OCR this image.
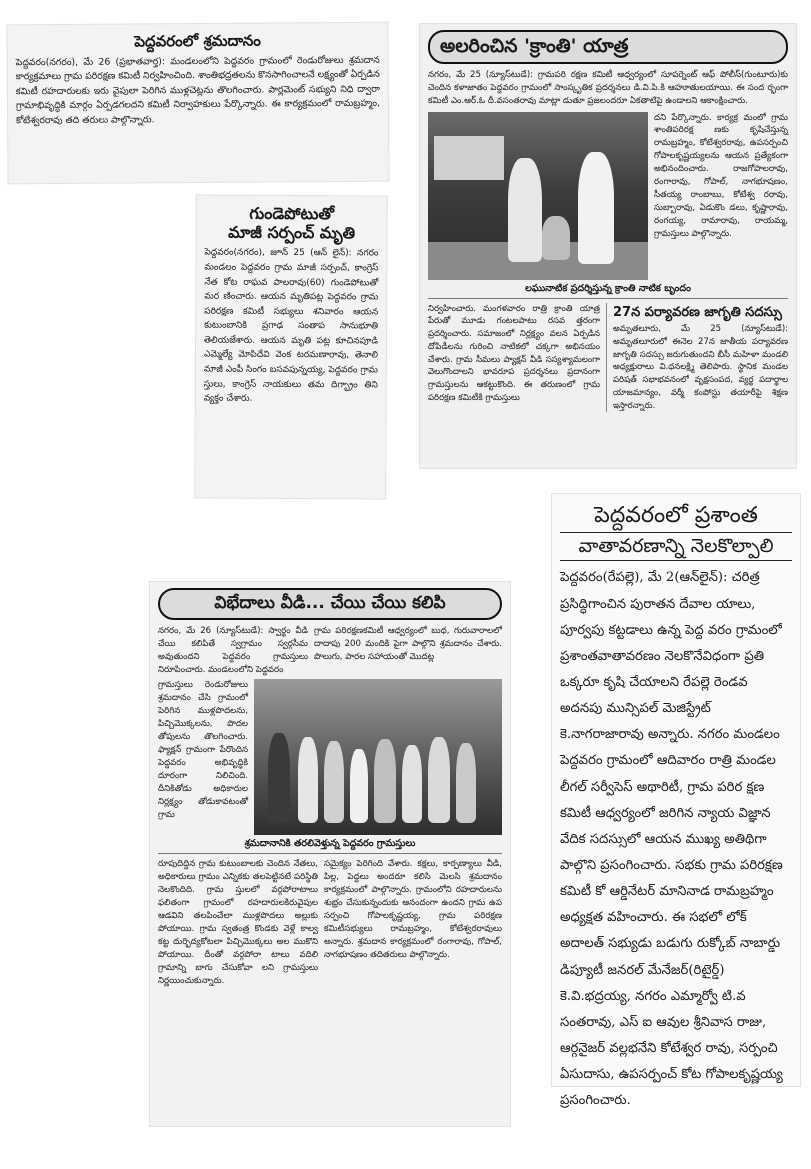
పెద్దవరంలో శ్రమదానం

పెద్దవరం(నగరం), మే 26 (ప్రభాతవార్త): మండలంలోని పెద్దవరం గ్రామంలో రెండురోజులు శ్రమదాన కార్యక్రమాలు గ్రామ పరిరక్షణ కమిటీ నిర్వహించింది. శాంతిభద్రతలను కొనసాగించాలనే లక్ష్యంతో ఏర్పడిన కమిటీ రహదారులకు ఇరు వైపులా పెరిగిన ముళ్లచెట్లను తొలగించారు. పార్లమెంట్ సభ్యుని నిధి ద్వారా గ్రామాభివృద్ధికి మార్గం ఏర్పడగలదని కమిటీ నిర్వాహకులు పేర్కొన్నారు. ఈ కార్యక్రమంలో రామబ్రహ్మం, కోటేశ్వరరావు తది తరులు పాల్గొన్నారు.

గుండెపోటుతో
మాజీ సర్పంచ్ మృతి

పెద్దవరం(నగరం), జూన్ 25 (ఆన్ లైన్): నగరం మండలం పెద్దవరం గ్రామ మాజీ సర్పంచ్, కాంగ్రెస్ నేత కోట రాఘవ పాలరావు(60) గుండెపోటుతో మర ణించారు. ఆయన మృతిపట్ల పెద్దవరం గ్రామ పరిరక్షణ కమిటీ సభ్యులు శనివారం ఆయన కుటుంబానికి ప్రగాఢ సంతాప సానుభూతి తెలియజేశారు. ఆయన మృతి పట్ల కూచినపూడి ఎమ్మెల్యే మోపిదేవి వెంక టరమణారావు, తెనాలి మాజీ ఎంపీ సింగం బసవపున్నయ్య, పెద్దవరం గ్రామ స్తులు, కాంగ్రెస్ నాయకులు తమ దిగ్భ్రాం తిని వ్యక్తం చేశారు.

అలరించిన 'క్రాంతి' యాత్ర

నగరం, మే 25 (న్యూస్‌టుడే): గ్రామపరి రక్షణ కమిటీ ఆధ్వర్యంలో సూపర్నెంట్ ఆఫ్ పోలీస్(గుంటూరు)కు చెందిన కళాజాతం పెద్దవరం గ్రామంలో సాంస్కృతిక ప్రదర్శనలు డి.వి.పి.కి ఆహూతులయాయి. ఈ సంద ర్భంగా కమిటీ ఎం.ఆర్.ఓ దీ.వసంతరావు మాట్లా డుతూ ప్రజలందరూ ఏకతాటిపై ఉండాలని ఆకాంక్షించారు.

దని పేర్కొన్నారు. కార్యక్ర మంలో గ్రామ శాంతిపరిరక్ష ణకు కృషిచేస్తున్న రామబ్రహ్మం, కోటేశ్వరరావు, ఉపసర్పంచి గోపాలకృష్ణయ్యలను ఆయన ప్రత్యేకంగా అభినందించారు. రాజగోపాలరావు, రంగారావు, గోపాల్, నాగభూషణం, సీతయ్య రాంబాబు, కోటేశ్వ రరావు, సుబ్బారావు, ఏడుకొం డలు, కృష్ణారావు, రంగయ్య, రామారావు, రాయమ్మ, గ్రామస్తులు పాల్గొన్నారు.

లఘునాటిక ప్రదర్శిస్తున్న క్రాంతి నాటిక బృందం

నిర్వహించారు. మంగళవారం రాత్రి క్రాంతి యాత్ర పేరుతో మూడు గంటలపాటు రసవ త్తరంగా ప్రదర్శించారు. సమాజంలో నిర్లక్ష్యం వలన ఏర్పడిన దోపిడీలను గురించి నాటికలో చక్కగా అభినయం చేశారు. గ్రామ సీమలు ప్యాక్షన్ వీడి సస్యశ్యామలంగా వెలుగొందాలని భావరూప ప్రదర్శనలు ప్రదానంగా గ్రామస్తులను ఆకట్టుకొంది. ఈ తరుణంలో గ్రామ పరిరక్షణ కమిటీకి గ్రామస్తులు

27న పర్యావరణ జాగృతి సదస్సు

అమృతలూరు, మే 25 (న్యూస్‌టుడే): అమృతలూరులో ఈనెల 27న జాతీయ పర్యావరణ జాగృతి సదస్సు జరుగుతుందని బీసీ మహిళా మండలి అధ్యక్షురాలు వి.ధనలక్ష్మి తెలిపారు. స్థానిక మండల పరిషత్ సభాభవనంలో వృక్షసంపద, వ్యర్థ పదార్థాల యాజమాన్యం, వర్మీ కంపోస్టు తయారీపై శిక్షణ ఇస్తారన్నారు.

విభేదాలు వీడి... చేయి చేయి కలిపి

నగరం, మే 26 (న్యూస్‌టుడే): స్వార్థం వీడి చేయి కలిపితే స్వగ్రామం స్వర్గసీమ అవుతుందని పెద్దవరం గ్రామస్తులు నిరూపించారు. మండలంలోని పెద్దవరం

గ్రామ పరిరక్షణకమిటీ ఆధ్వర్యంలో బుధ, గురువారాలలో దాదాపు 200 మందికి పైగా పాల్గొని శ్రమదానం చేశారు. పొలుగు, పారల సహాయంతో మొదట్ల

గ్రామస్తులు రెండురోజులు శ్రమదానం చేసి గ్రామంలో పెరిగిన ముళ్లపొదలను, పిచ్చిమొక్కలను, పొదల తోపులను తొలగించారు. ఫ్యాక్షన్ గ్రామంగా పేరొందిన పెద్దవరం అభివృద్ధికి దూరంగా నిలిచింది. దీనికితోడు అధికారుల నిర్లక్ష్యం తోడుకావటంతో గ్రామ

శ్రమదానానికి తరలివెళ్తున్న పెద్దవరం గ్రామస్తులు

రూపుదిద్దిన గ్రామ కుటుంబాలకు చెందిన నేతలు, అధికారులు గ్రామం ఎన్నికకు తలపెట్టినటే పరిస్థితి నెలకొందిది. గ్రామ స్తులలో వర్గపోరాటాలు ఫలితంగా గ్రామంలో రహదారులకిరువైపుల ఆడవిని తలపించేలా ముళ్లపొదలు అల్లుకు పోయాయి. గ్రామ స్వతంత్ర కొండకు వెళ్లే కాల్వ కట్ట దుర్భిద్యకోటలా పిచ్చిమొక్కలు అల ముకొని పోయాయి. దీంతో వర్గపోరా టాలు వదిలి గ్రామాన్ని బాగు చేసుకోవా లని గ్రామస్తులు నిర్ణయించుకున్నారు.

సమైక్యం పెరిగింది వేశారు. కక్షలు, కార్పణ్యాలు వీడి, పిల్ల, పెద్దలు అందరూ కలిసి మెలసి శ్రమదానం కార్యక్రమంలో పాల్గొన్నారు. గ్రామంలోని రహదారులను శుభ్రం చేసుకున్నందుకు ఆనందంగా ఉందని గ్రామ ఉప సర్పంచి గోపాలకృష్ణయ్య, గ్రామ పరిరక్షణ కమిటీసభ్యులు రామబ్రహ్మం, కోటేశ్వరరావులు అన్నారు. శ్రమదాన కార్యక్రమంలో రంగారావు, గోపాల్, నాగభూషణం తదితరులు పాల్గొన్నారు.

పెద్దవరంలో ప్రశాంత
వాతావరణాన్ని నెలకొల్పాలి

పెద్దవరం(రేపల్లె), మే 2(ఆన్‌లైన్): చరిత్ర ప్రసిద్ధిగాంచిన పురాతన దేవాల యాలు, పూర్వపు కట్టడాలు ఉన్న పెద్ద వరం గ్రామంలో ప్రశాంతవాతావరణం నెలకొనేవిధంగా ప్రతి ఒక్కరూ కృషి చేయాలని రేపల్లె రెండవ అదనపు మున్సిపల్ మెజిస్ట్రేట్ కె.నాగరాజారావు అన్నారు. నగరం మండలం పెద్దవరం గ్రామంలో ఆదివారం రాత్రి మండల లీగల్ సర్వీసెస్ అథారిటీ, గ్రామ పరిర క్షణ కమిటీ ఆధ్వర్యంలో జరిగిన న్యాయ విజ్ఞాన వేదిక సదస్సులో ఆయన ముఖ్య అతిథిగా పాల్గొని ప్రసంగించారు. సభకు గ్రామ పరిరక్షణ కమిటీ కో ఆర్డినేటర్ మానినాడ రామబ్రహ్మం అధ్యక్షత వహించారు. ఈ సభలో లోక్ అదాలత్ సభ్యుడు బడుగు రుక్కోబ్ నాబార్డు డిప్యూటీ జనరల్ మేనేజర్(రిటైర్డ్) కె.వి.భద్రయ్య, నగరం ఎమ్మార్వో టి.వ సంతరావు, ఎస్ ఐ ఆవుల శ్రీనివాస రాజు, ఆర్గనైజర్ వల్లభనేని కోటేశ్వర రావు, సర్పంచి ఏసుదాసు, ఉపసర్పంచ్ కోట గోపాలకృష్ణయ్య ప్రసంగించారు.
